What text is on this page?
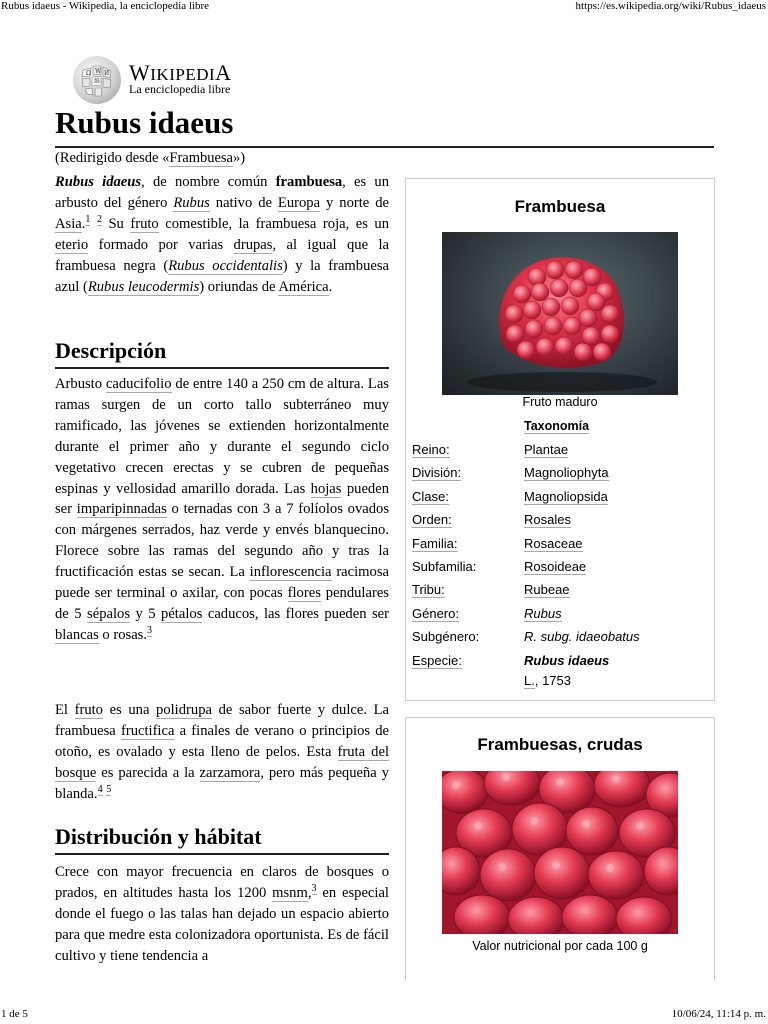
Rubus idaeus - Wikipedia, la enciclopedia libre	https://es.wikipedia.org/wiki/Rubus_idaeus
Ω W И
維 WIKIPEDIA
La enciclopedia libre
Rubus idaeus
(Redirigido desde «Frambuesa»)

Rubus idaeus, de nombre común frambuesa, es un arbusto del género Rubus nativo de Europa y norte de Asia.$^1$ $^2$ Su fruto comestible, la frambuesa roja, es un eterio formado por varias drupas, al igual que la frambuesa negra (Rubus occidentalis) y la frambuesa azul (Rubus leucodermis) oriundas de América.

Descripción

Arbusto caducifolio de entre 140 a 250 cm de altura. Las ramas surgen de un corto tallo subterráneo muy ramificado, las jóvenes se extienden horizontalmente durante el primer año y durante el segundo ciclo vegetativo crecen erectas y se cubren de pequeñas espinas y vellosidad amarillo dorada. Las hojas pueden ser imparipinnadas o ternadas con 3 a 7 folíolos ovados con márgenes serrados, haz verde y envés blanquecino. Florece sobre las ramas del segundo año y tras la fructificación estas se secan. La inflorescencia racimosa puede ser terminal o axilar, con pocas flores pendulares de 5 sépalos y 5 pétalos caducos, las flores pueden ser blancas o rosas.$^3$

El fruto es una polidrupa de sabor fuerte y dulce. La frambuesa fructifica a finales de verano o principios de otoño, es ovalado y esta lleno de pelos. Esta fruta del bosque es parecida a la zarzamora, pero más pequeña y blanda.$^4$ $^5$

Distribución y hábitat

Crece con mayor frecuencia en claros de bosques o prados, en altitudes hasta los 1200 msnm,$^3$ en especial donde el fuego o las talas han dejado un espacio abierto para que medre esta colonizadora oportunista. Es de fácil cultivo y tiene tendencia a

Frambuesa
Fruto maduro
Taxonomía
Reino:	Plantae
División:	Magnoliophyta
Clase:	Magnoliopsida
Orden:	Rosales
Familia:	Rosaceae
Subfamilia:	Rosoideae
Tribu:	Rubeae
Género:	Rubus
Subgénero:	R. subg. idaeobatus
Especie:	Rubus idaeus
L., 1753
Frambuesas, crudas
Valor nutricional por cada 100 g
1 de 5	10/06/24, 11:14 p. m.
